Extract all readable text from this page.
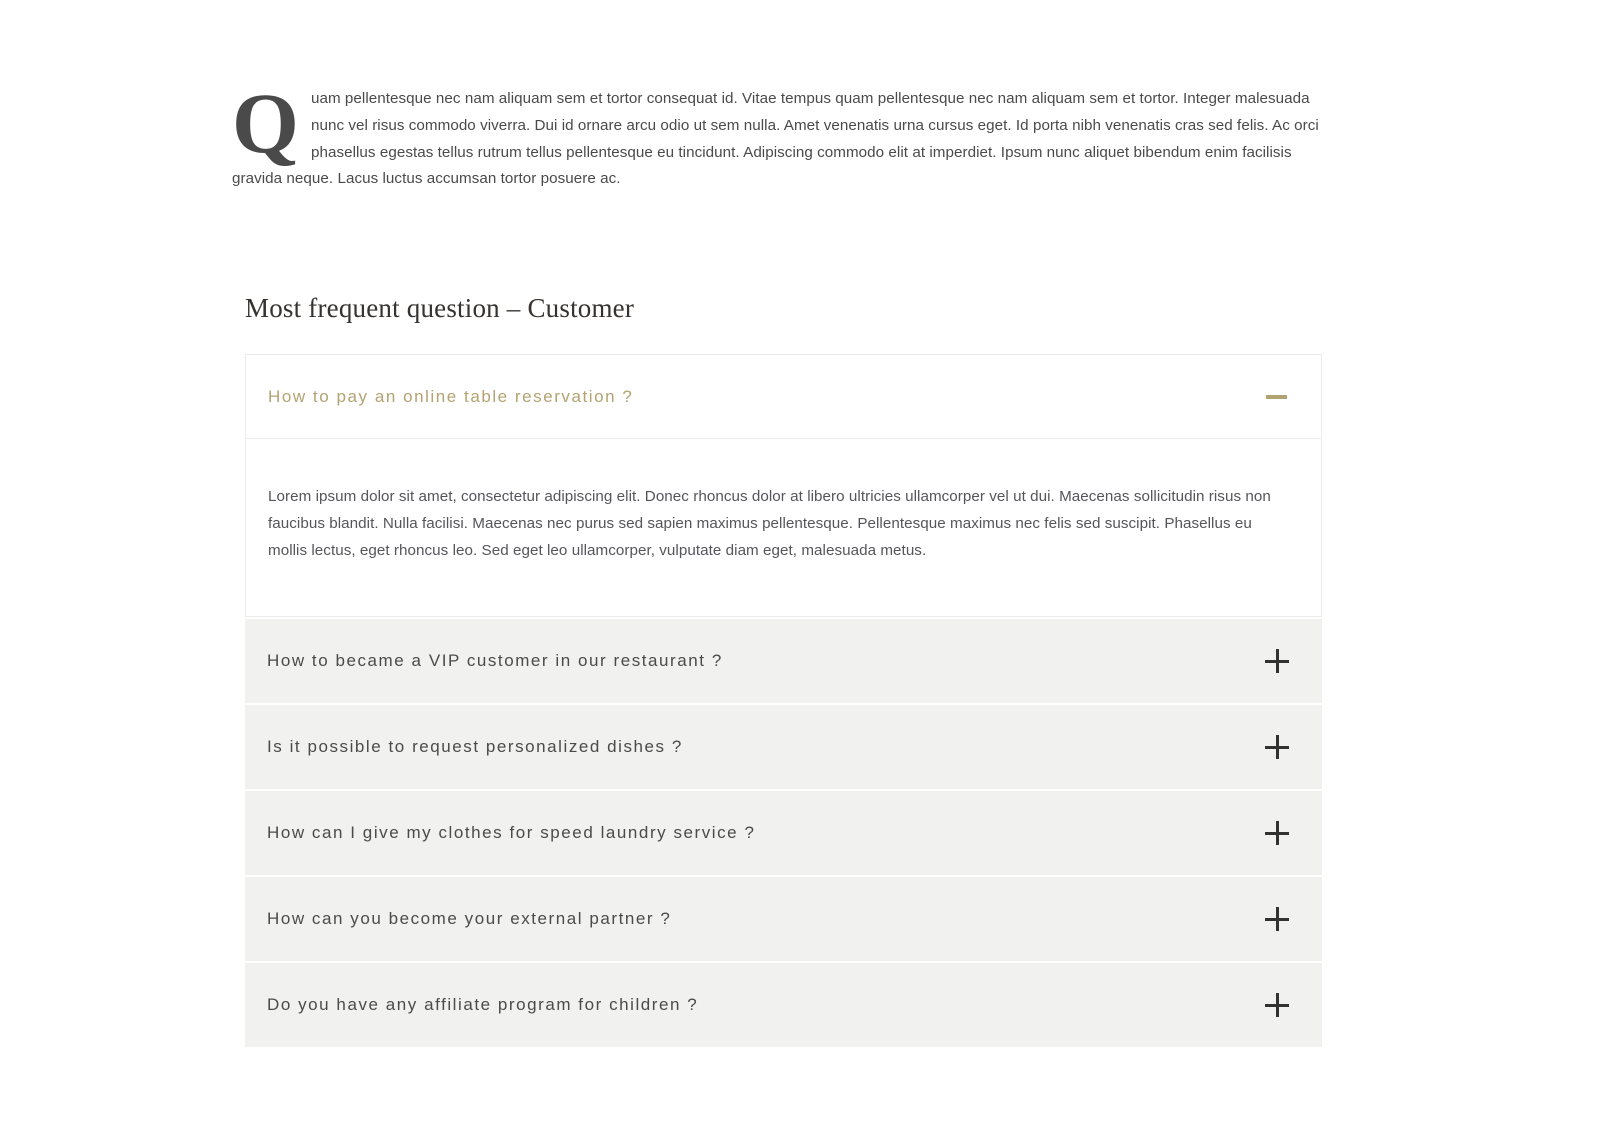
Quam pellentesque nec nam aliquam sem et tortor consequat id. Vitae tempus quam pellentesque nec nam aliquam sem et tortor. Integer malesuada nunc vel risus commodo viverra. Dui id ornare arcu odio ut sem nulla. Amet venenatis urna cursus eget. Id porta nibh venenatis cras sed felis. Ac orci phasellus egestas tellus rutrum tellus pellentesque eu tincidunt. Adipiscing commodo elit at imperdiet. Ipsum nunc aliquet bibendum enim facilisis gravida neque. Lacus luctus accumsan tortor posuere ac.

Most frequent question – Customer
How to pay an online table reservation ?

Lorem ipsum dolor sit amet, consectetur adipiscing elit. Donec rhoncus dolor at libero ultricies ullamcorper vel ut dui. Maecenas sollicitudin risus non faucibus blandit. Nulla facilisi. Maecenas nec purus sed sapien maximus pellentesque. Pellentesque maximus nec felis sed suscipit. Phasellus eu mollis lectus, eget rhoncus leo. Sed eget leo ullamcorper, vulputate diam eget, malesuada metus.

How to became a VIP customer in our restaurant ?
Is it possible to request personalized dishes ?
How can I give my clothes for speed laundry service ?
How can you become your external partner ?
Do you have any affiliate program for children ?
